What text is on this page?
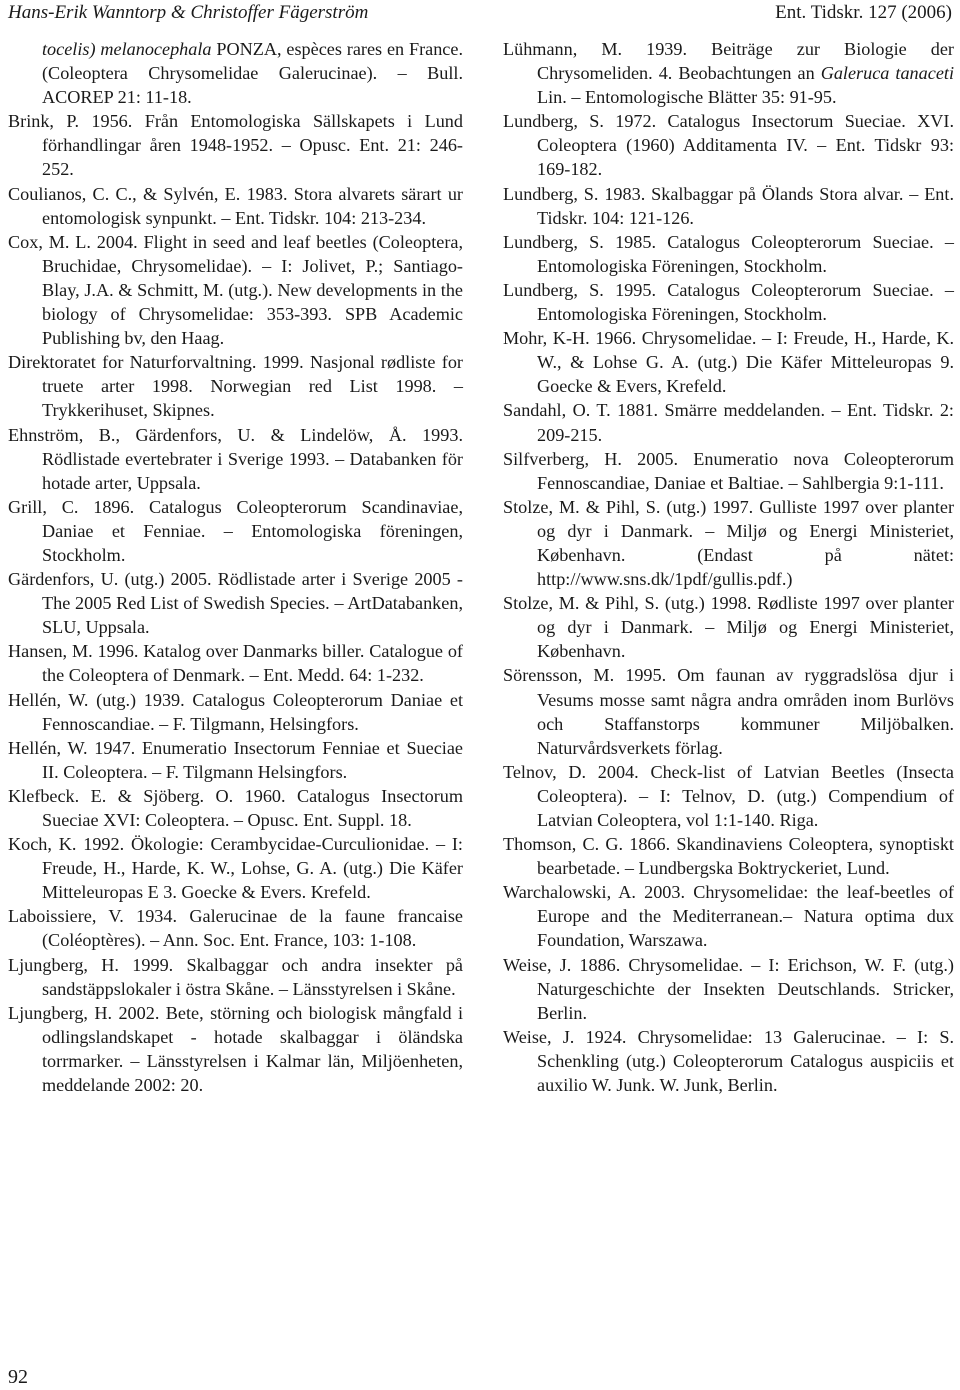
Hans-Erik Wanntorp & Christoffer Fägerström	Ent. Tidskr. 127 (2006)

tocelis) melanocephala PONZA, espèces rares en France. (Coleoptera Chrysomelidae Galerucinae). – Bull. ACOREP 21: 11-18.

Brink, P. 1956. Från Entomologiska Sällskapets i Lund förhandlingar åren 1948-1952. – Opusc. Ent. 21: 246-252.

Coulianos, C. C., & Sylvén, E. 1983. Stora alvarets särart ur entomologisk synpunkt. – Ent. Tidskr. 104: 213-234.

Cox, M. L. 2004. Flight in seed and leaf beetles (Coleoptera, Bruchidae, Chrysomelidae). – I: Jolivet, P.; Santiago-Blay, J.A. & Schmitt, M. (utg.). New developments in the biology of Chrysomelidae: 353-393. SPB Academic Publishing bv, den Haag.

Direktoratet for Naturforvaltning. 1999. Nasjonal rødliste for truete arter 1998. Norwegian red List 1998. – Trykkerihuset, Skipnes.

Ehnström, B., Gärdenfors, U. & Lindelöw, Å. 1993. Rödlistade evertebrater i Sverige 1993. – Databanken för hotade arter, Uppsala.

Grill, C. 1896. Catalogus Coleopterorum Scandinaviae, Daniae et Fenniae. – Entomologiska föreningen, Stockholm.

Gärdenfors, U. (utg.) 2005. Rödlistade arter i Sverige 2005 - The 2005 Red List of Swedish Species. – ArtDatabanken, SLU, Uppsala.

Hansen, M. 1996. Katalog over Danmarks biller. Catalogue of the Coleoptera of Denmark. – Ent. Medd. 64: 1-232.

Hellén, W. (utg.) 1939. Catalogus Coleopterorum Daniae et Fennoscandiae. – F. Tilgmann, Helsingfors.

Hellén, W. 1947. Enumeratio Insectorum Fenniae et Sueciae II. Coleoptera. – F. Tilgmann Helsingfors.

Klefbeck. E. & Sjöberg. O. 1960. Catalogus Insectorum Sueciae XVI: Coleoptera. – Opusc. Ent. Suppl. 18.

Koch, K. 1992. Ökologie: Cerambycidae-Curculionidae. – I: Freude, H., Harde, K. W., Lohse, G. A. (utg.) Die Käfer Mitteleuropas E 3. Goecke & Evers. Krefeld.

Laboissiere, V. 1934. Galerucinae de la faune francaise (Coléoptères). – Ann. Soc. Ent. France, 103: 1-108.

Ljungberg, H. 1999. Skalbaggar och andra insekter på sandstäppslokaler i östra Skåne. – Länsstyrelsen i Skåne.

Ljungberg, H. 2002. Bete, störning och biologisk mångfald i odlingslandskapet - hotade skalbaggar i öländska torrmarker. – Länsstyrelsen i Kalmar län, Miljöenheten, meddelande 2002: 20.

Lühmann, M. 1939. Beiträge zur Biologie der Chrysomeliden. 4. Beobachtungen an Galeruca tanaceti Lin. – Entomologische Blätter 35: 91-95.

Lundberg, S. 1972. Catalogus Insectorum Sueciae. XVI. Coleoptera (1960) Additamenta IV. – Ent. Tidskr 93: 169-182.

Lundberg, S. 1983. Skalbaggar på Ölands Stora alvar. – Ent. Tidskr. 104: 121-126.

Lundberg, S. 1985. Catalogus Coleopterorum Sueciae. – Entomologiska Föreningen, Stockholm.

Lundberg, S. 1995. Catalogus Coleopterorum Sueciae. – Entomologiska Föreningen, Stockholm.

Mohr, K-H. 1966. Chrysomelidae. – I: Freude, H., Harde, K. W., & Lohse G. A. (utg.) Die Käfer Mitteleuropas 9. Goecke & Evers, Krefeld.

Sandahl, O. T. 1881. Smärre meddelanden. – Ent. Tidskr. 2: 209-215.

Silfverberg, H. 2005. Enumeratio nova Coleopterorum Fennoscandiae, Daniae et Baltiae. – Sahlbergia 9:1-111.

Stolze, M. & Pihl, S. (utg.) 1997. Gulliste 1997 over planter og dyr i Danmark. – Miljø og Energi Ministeriet, København. (Endast på nätet: http://www.sns.dk/1pdf/gullis.pdf.)

Stolze, M. & Pihl, S. (utg.) 1998. Rødliste 1997 over planter og dyr i Danmark. – Miljø og Energi Ministeriet, København.

Sörensson, M. 1995. Om faunan av ryggradslösa djur i Vesums mosse samt några andra områden inom Burlövs och Staffanstorps kommuner Miljöbalken. Naturvårdsverkets förlag.

Telnov, D. 2004. Check-list of Latvian Beetles (Insecta Coleoptera). – I: Telnov, D. (utg.) Compendium of Latvian Coleoptera, vol 1:1-140. Riga.

Thomson, C. G. 1866. Skandinaviens Coleoptera, synoptiskt bearbetade. – Lundbergska Boktryckeriet, Lund.

Warchalowski, A. 2003. Chrysomelidae: the leaf-beetles of Europe and the Mediterranean.– Natura optima dux Foundation, Warszawa.

Weise, J. 1886. Chrysomelidae. – I: Erichson, W. F. (utg.) Naturgeschichte der Insekten Deutschlands. Stricker, Berlin.

Weise, J. 1924. Chrysomelidae: 13 Galerucinae. – I: S. Schenkling (utg.) Coleopterorum Catalogus auspiciis et auxilio W. Junk. W. Junk, Berlin.

92
